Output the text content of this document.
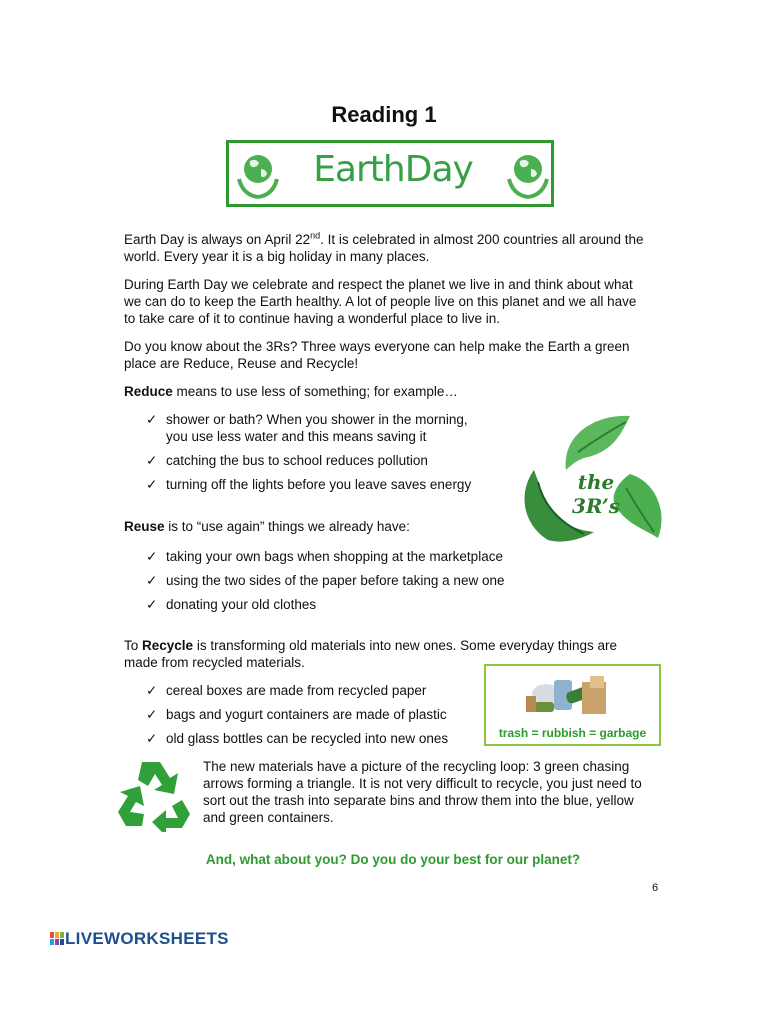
Reading 1
EarthDay
Earth Day is always on April 22nd. It is celebrated in almost 200 countries all around the
world. Every year it is a big holiday in many places.
During Earth Day we celebrate and respect the planet we live in and think about what
we can do to keep the Earth healthy. A lot of people live on this planet and we all have
to take care of it to continue having a wonderful place to live in.
Do you know about the 3Rs? Three ways everyone can help make the Earth a green
place are Reduce, Reuse and Recycle!
Reduce means to use less of something; for example…
✓ shower or bath? When you shower in the morning,
you use less water and this means saving it
✓ catching the bus to school reduces pollution
✓ turning off the lights before you leave saves energy	the 3R’s
Reuse is to “use again” things we already have:
✓ taking your own bags when shopping at the marketplace
✓ using the two sides of the paper before taking a new one
✓ donating your old clothes
To Recycle is transforming old materials into new ones. Some everyday things are
made from recycled materials.
✓ cereal boxes are made from recycled paper
✓ bags and yogurt containers are made of plastic
✓ old glass bottles can be recycled into new ones	trash = rubbish = garbage
The new materials have a picture of the recycling loop: 3 green chasing
arrows forming a triangle. It is not very difficult to recycle, you just need to
sort out the trash into separate bins and throw them into the blue, yellow
and green containers.
And, what about you? Do you do your best for our planet?
6
LIVEWORKSHEETS
